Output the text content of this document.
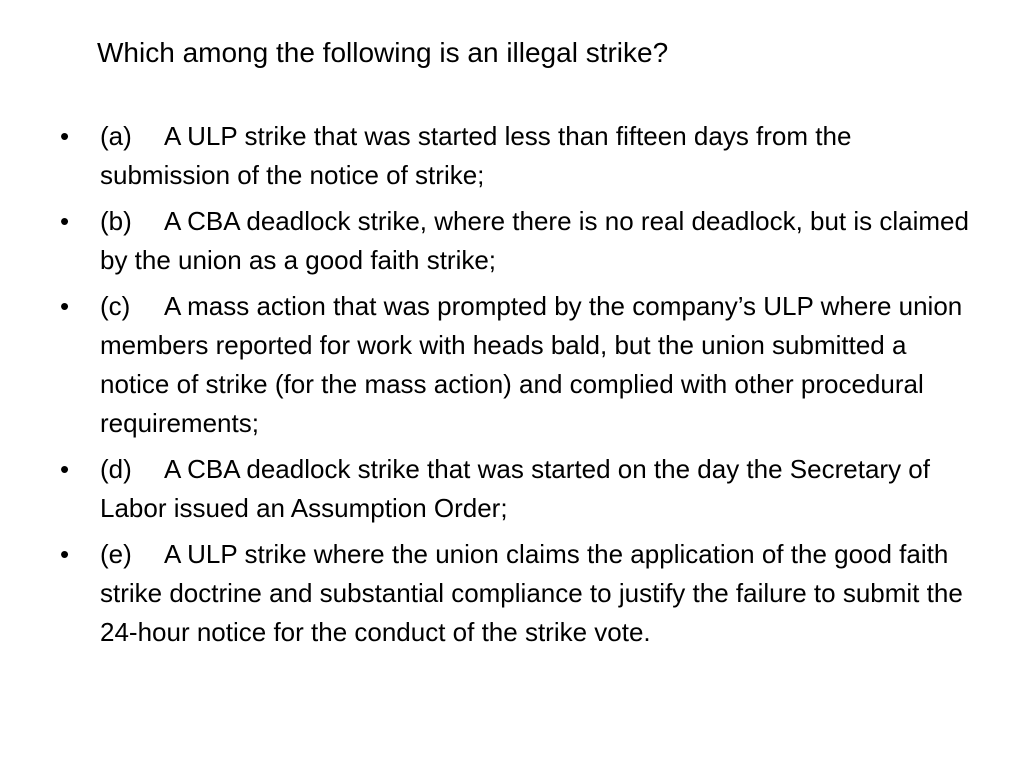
Which among the following is an illegal strike?
•	(a) A ULP strike that was started less than fifteen days from the submission of the notice of strike;
•	(b) A CBA deadlock strike, where there is no real deadlock, but is claimed by the union as a good faith strike;
•	(c) A mass action that was prompted by the company’s ULP where union members reported for work with heads bald, but the union submitted a notice of strike (for the mass action) and complied with other procedural requirements;
•	(d) A CBA deadlock strike that was started on the day the Secretary of Labor issued an Assumption Order;
•	(e) A ULP strike where the union claims the application of the good faith strike doctrine and substantial compliance to justify the failure to submit the 24-hour notice for the conduct of the strike vote.
